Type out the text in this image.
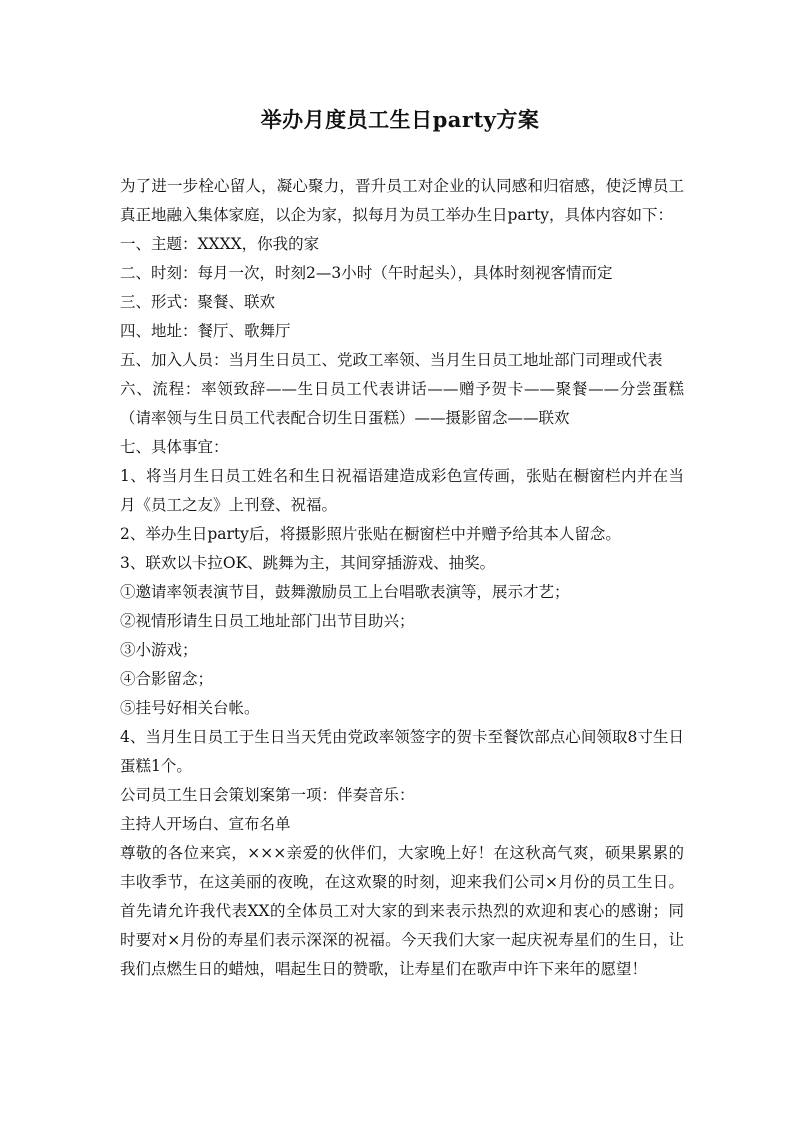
举办月度员工生日party方案

为了进一步栓心留人，凝心聚力，晋升员工对企业的认同感和归宿感，使泛博员工真正地融入集体家庭，以企为家，拟每月为员工举办生日party，具体内容如下：

一、主题：XXXX，你我的家

二、时刻：每月一次，时刻2—3小时（午时起头），具体时刻视客情而定

三、形式：聚餐、联欢

四、地址：餐厅、歌舞厅

五、加入人员：当月生日员工、党政工率领、当月生日员工地址部门司理或代表

六、流程：率领致辞——生日员工代表讲话——赠予贺卡——聚餐——分尝蛋糕（请率领与生日员工代表配合切生日蛋糕）——摄影留念——联欢

七、具体事宜：

1、将当月生日员工姓名和生日祝福语建造成彩色宣传画，张贴在橱窗栏内并在当月《员工之友》上刊登、祝福。

2、举办生日party后，将摄影照片张贴在橱窗栏中并赠予给其本人留念。

3、联欢以卡拉OK、跳舞为主，其间穿插游戏、抽奖。

①邀请率领表演节目，鼓舞激励员工上台唱歌表演等，展示才艺；

②视情形请生日员工地址部门出节目助兴；

③小游戏；

④合影留念；

⑤挂号好相关台帐。

4、当月生日员工于生日当天凭由党政率领签字的贺卡至餐饮部点心间领取8寸生日蛋糕1个。

公司员工生日会策划案第一项：伴奏音乐：

主持人开场白、宣布名单

尊敬的各位来宾，×××亲爱的伙伴们，大家晚上好！在这秋高气爽，硕果累累的丰收季节，在这美丽的夜晚，在这欢聚的时刻，迎来我们公司×月份的员工生日。首先请允许我代表XX的全体员工对大家的到来表示热烈的欢迎和衷心的感谢；同时要对×月份的寿星们表示深深的祝福。今天我们大家一起庆祝寿星们的生日，让我们点燃生日的蜡烛，唱起生日的赞歌，让寿星们在歌声中许下来年的愿望！
